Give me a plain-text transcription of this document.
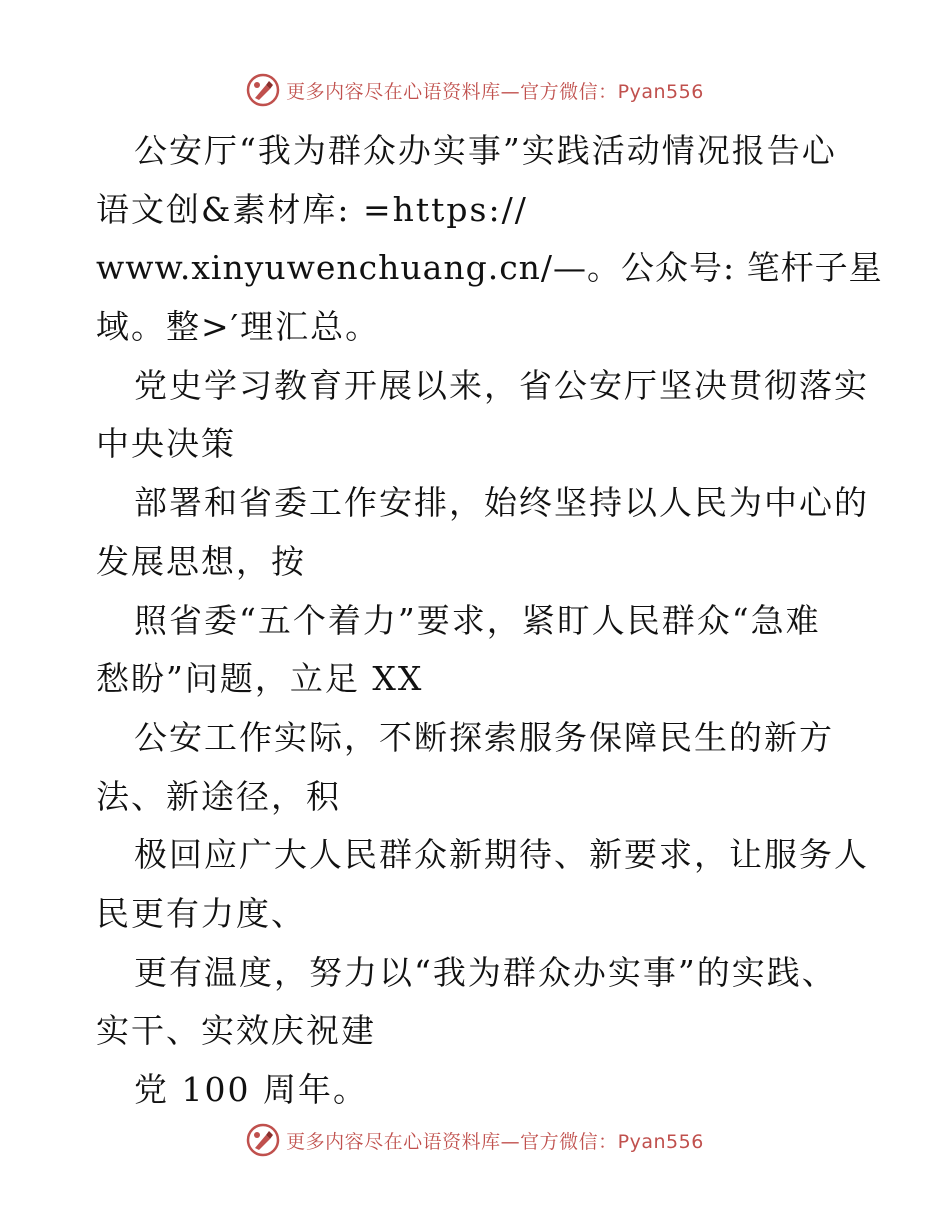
更多内容尽在心语资料库—官方微信：Pyan556
公安厅“我为群众办实事”实践活动情况报告心
语文创&素材库: =https://
www.xinyuwenchuang.cn/—。公众号: 笔杆子星
域。整>′理汇总。
党史学习教育开展以来，省公安厅坚决贯彻落实
中央决策
部署和省委工作安排，始终坚持以人民为中心的
发展思想，按
照省委“五个着力”要求，紧盯人民群众“急难
愁盼”问题，立足 XX
公安工作实际，不断探索服务保障民生的新方
法、新途径，积
极回应广大人民群众新期待、新要求，让服务人
民更有力度、
更有温度，努力以“我为群众办实事”的实践、
实干、实效庆祝建
党 100 周年。
更多内容尽在心语资料库—官方微信：Pyan556
